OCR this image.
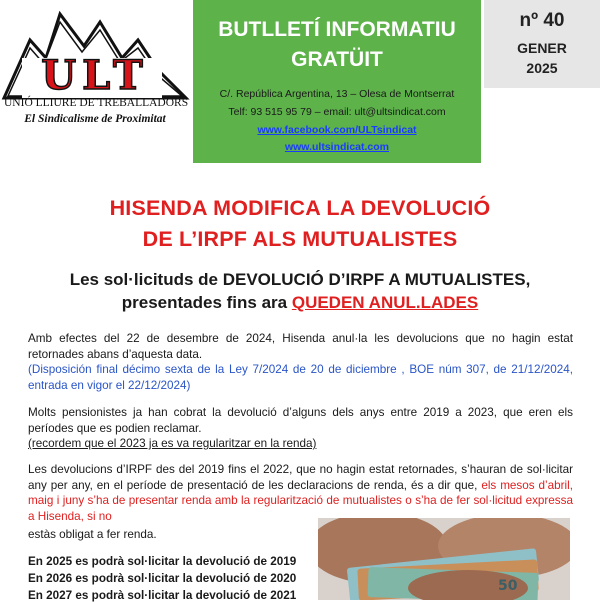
ULT
UNIÓ LLIURE DE TREBALLADORS
El Sindicalisme de Proximitat
BUTLLETÍ INFORMATIU
GRATÜIT
C/. República Argentina, 13 – Olesa de Montserrat
Telf: 93 515 95 79 – email: ult@ultsindicat.com
www.facebook.com/ULTsindicat
www.ultsindicat.com
nº 40
GENER
2025
HISENDA MODIFICA LA DEVOLUCIÓ
DE L’IRPF ALS MUTUALISTES
Les sol·licituds de DEVOLUCIÓ D’IRPF A MUTUALISTES,
presentades fins ara QUEDEN ANUL.LADES
Amb efectes del 22 de desembre de 2024, Hisenda anul·la les devolucions que no hagin estat retornades abans d’aquesta data.
(Disposición final décimo sexta de la Ley 7/2024 de 20 de diciembre , BOE núm 307, de 21/12/2024, entrada en vigor el 22/12/2024)
Molts pensionistes ja han cobrat la devolució d’alguns dels anys entre 2019 a 2023, que eren els períodes que es podien reclamar.
(recordem que el 2023 ja es va regularitzar en la renda)
Les devolucions d’IRPF des del 2019 fins el 2022, que no hagin estat retornades, s’hauran de sol·licitar any per any, en el període de presentació de les declaracions de renda, és a dir que, els mesos d’abril, maig i juny s’ha de presentar renda amb la regularització de mutualistes o s’ha de fer sol·licitud expressa a Hisenda, si no
estàs obligat a fer renda.
50
En 2025 es podrà sol·licitar la devolució de 2019
En 2026 es podrà sol·licitar la devolució de 2020
En 2027 es podrà sol·licitar la devolució de 2021
